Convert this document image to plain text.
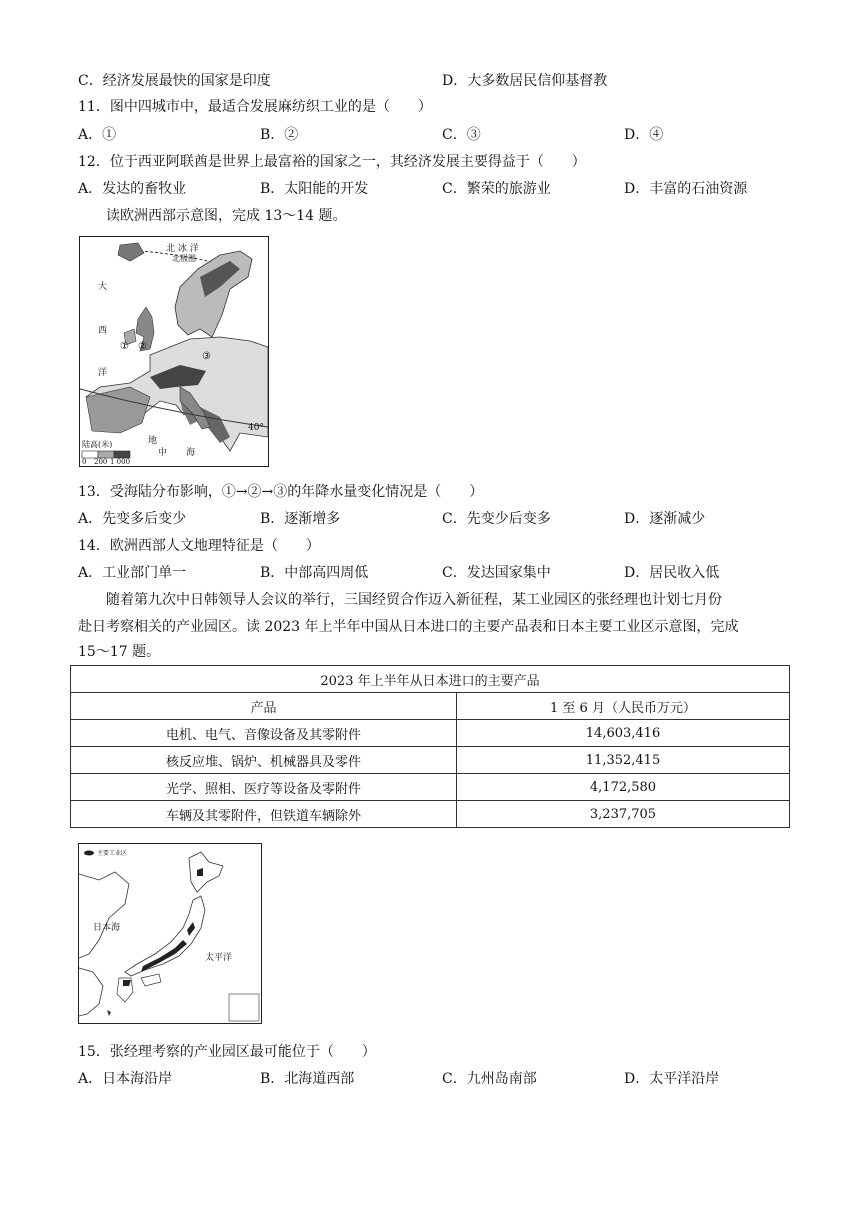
C．经济发展最快的国家是印度	D．大多数居民信仰基督教
11．图中四城市中，最适合发展麻纺织工业的是（　　）
A．①	B．②	C．③	D．④
12．位于西亚阿联酋是世界上最富裕的国家之一，其经济发展主要得益于（　　）
A．发达的畜牧业	B．太阳能的开发	C．繁荣的旅游业	D．丰富的石油资源
读欧洲西部示意图，完成 13～14 题。
北 冰 洋
北极圈
大
西
洋
① ②
③
地
中 海
40°
陆高(米)
0 200 1 000
13．受海陆分布影响，①→②→③的年降水量变化情况是（　　）
A．先变多后变少	B．逐渐增多	C．先变少后变多	D．逐渐减少
14．欧洲西部人文地理特征是（　　）
A．工业部门单一	B．中部高四周低	C．发达国家集中	D．居民收入低
随着第九次中日韩领导人会议的举行，三国经贸合作迈入新征程，某工业园区的张经理也计划七月份
赴日考察相关的产业园区。读 2023 年上半年中国从日本进口的主要产品表和日本主要工业区示意图，完成
15～17 题。
2023 年上半年从日本进口的主要产品	
产品	1 至 6 月（人民币万元）
电机、电气、音像设备及其零附件	14,603,416
核反应堆、锅炉、机械器具及零件	11,352,415
光学、照相、医疗等设备及零附件	4,172,580
车辆及其零附件，但铁道车辆除外	3,237,705
主要工业区
日本海
太平洋
15．张经理考察的产业园区最可能位于（　　）
A．日本海沿岸	B．北海道西部	C．九州岛南部	D．太平洋沿岸
